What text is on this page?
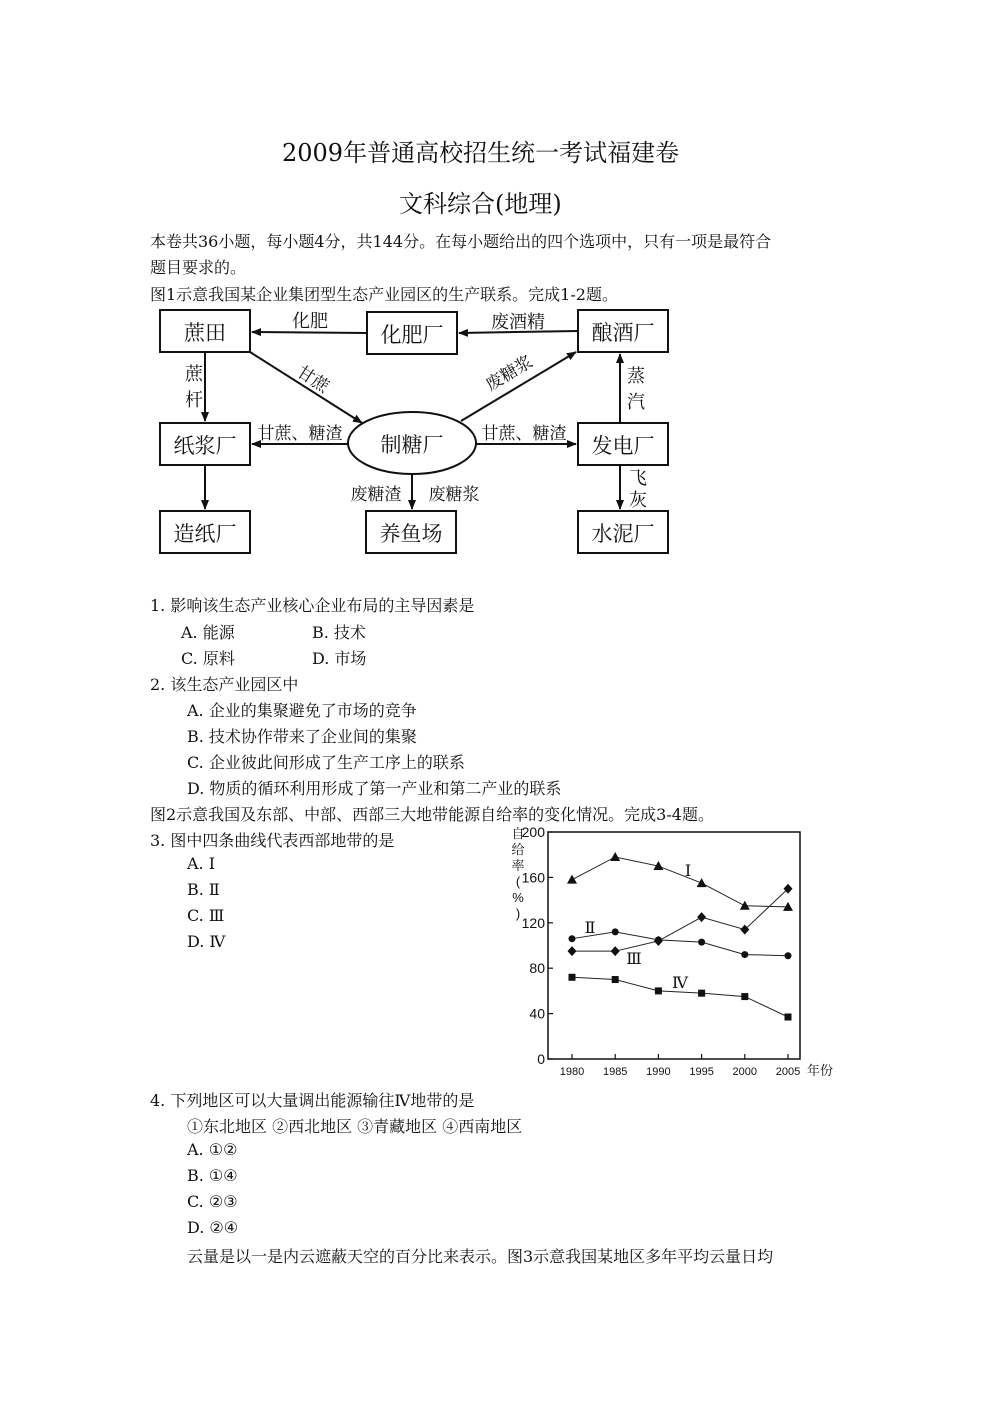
2009年普通高校招生统一考试福建卷
文科综合(地理)
本卷共36小题，每小题4分，共144分。在每小题给出的四个选项中，只有一项是最符合
题目要求的。
图1示意我国某企业集团型生态产业园区的生产联系。完成1-2题。
蔗田	化肥厂	酿酒厂
纸浆厂	制糖厂	发电厂
造纸厂	养鱼场	水泥厂
化肥	废酒精
甘蔗	废糖浆
蔗
杆
蒸
汽
甘蔗、糖渣	甘蔗、糖渣
废糖渣 废糖浆
飞
灰
1. 影响该生态产业核心企业布局的主导因素是
A. 能源	B. 技术
C. 原料	D. 市场
2. 该生态产业园区中
A. 企业的集聚避免了市场的竞争
B. 技术协作带来了企业间的集聚
C. 企业彼此间形成了生产工序上的联系
D. 物质的循环利用形成了第一产业和第二产业的联系
图2示意我国及东部、中部、西部三大地带能源自给率的变化情况。完成3-4题。
3. 图中四条曲线代表西部地带的是
A. Ⅰ
B. Ⅱ
C. Ⅲ
D. Ⅳ
0
40
80
120
160
200
1980 1985 1990 1995 2000 2005 年份
自
给
率
(
%
)
Ⅰ
Ⅱ
Ⅲ
Ⅳ
4. 下列地区可以大量调出能源输往Ⅳ地带的是
①东北地区 ②西北地区 ③青藏地区 ④西南地区
A. ①②
B. ①④
C. ②③
D. ②④
云量是以一是内云遮蔽天空的百分比来表示。图3示意我国某地区多年平均云量日均
